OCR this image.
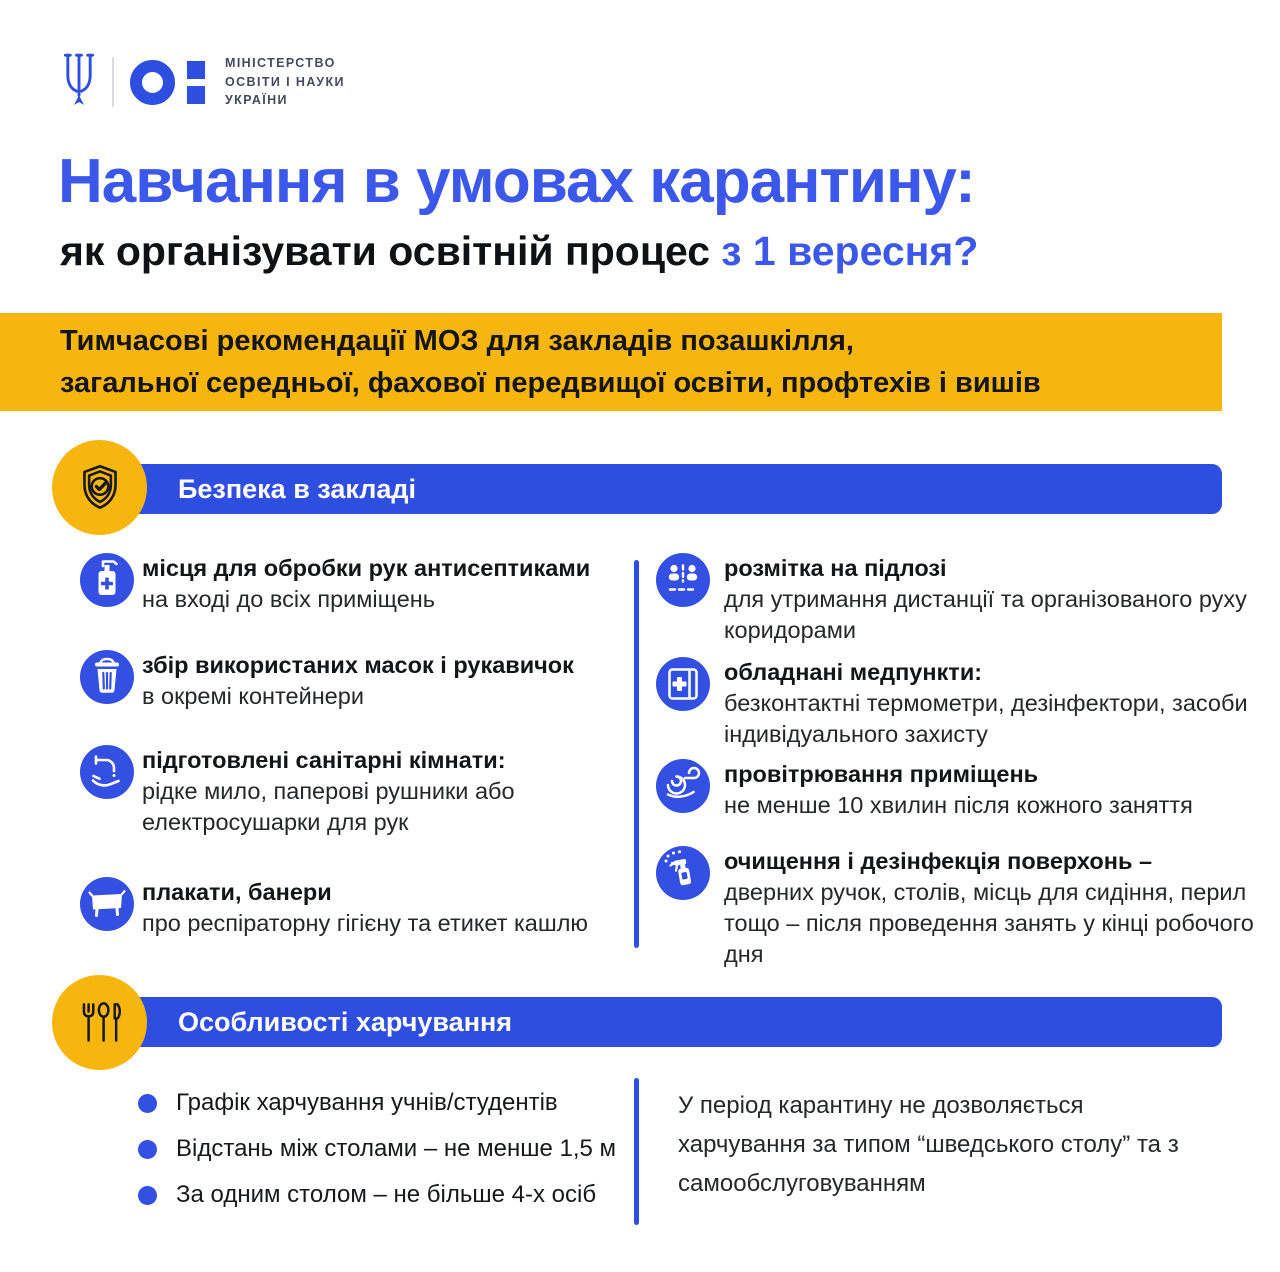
МІНІСТЕРСТВО
ОСВІТИ І НАУКИ
УКРАЇНИ
Навчання в умовах карантину:
як організувати освітній процес з 1 вересня?
Тимчасові рекомендації МОЗ для закладів позашкілля,
загальної середньої, фахової передвищої освіти, профтехів і вишів
Безпека в закладі
місця для обробки рук антисептиками
на вході до всіх приміщень
збір використаних масок і рукавичок
в окремі контейнери
підготовлені санітарні кімнати:
рідке мило, паперові рушники або електросушарки для рук
плакати, банери
про респіраторну гігієну та етикет кашлю
розмітка на підлозі
для утримання дистанції та організованого руху коридорами
обладнані медпункти:
безконтактні термометри, дезінфектори, засоби індивідуального захисту
провітрювання приміщень
не менше 10 хвилин після кожного заняття
очищення і дезінфекція поверхонь –
дверних ручок, столів, місць для сидіння, перил тощо – після проведення занять у кінці робочого дня
Особливості харчування
Графік харчування учнів/студентів
Відстань між столами – не менше 1,5 м
За одним столом – не більше 4-х осіб
У період карантину не дозволяється харчування за типом “шведського столу” та з самообслуговуванням
